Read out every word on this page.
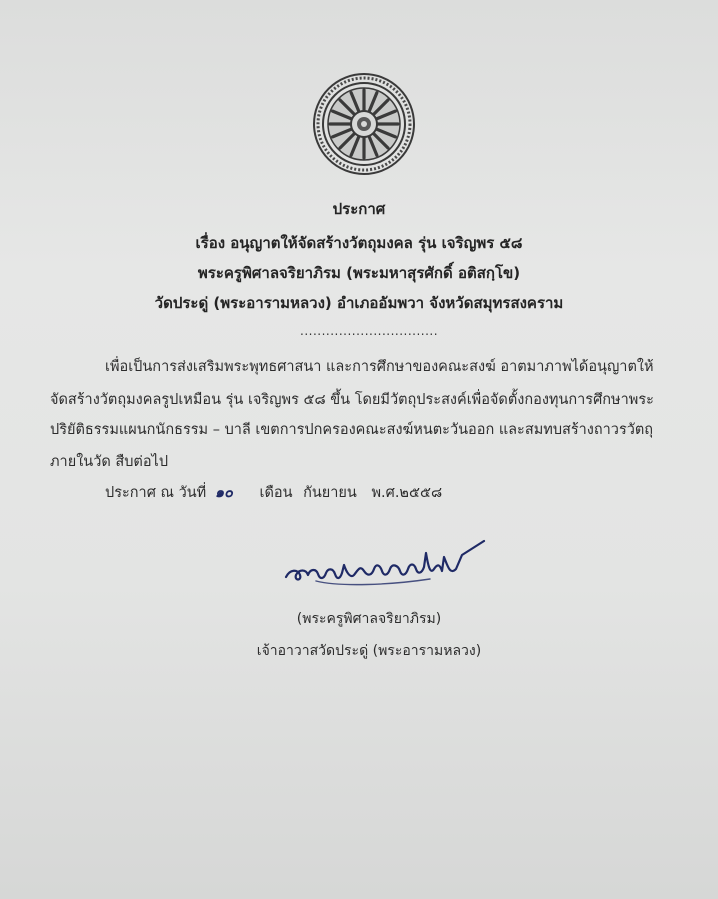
ประกาศ
เรื่อง อนุญาตให้จัดสร้างวัตถุมงคล รุ่น เจริญพร ๕๘
พระครูพิศาลจริยาภิรม (พระมหาสุรศักดิ์ อติสกฺโข)
วัดประดู่ (พระอารามหลวง) อำเภออัมพวา จังหวัดสมุทรสงคราม
................................
เพื่อเป็นการส่งเสริมพระพุทธศาสนา และการศึกษาของคณะสงฆ์ อาตมาภาพได้อนุญาตให้
จัดสร้างวัตถุมงคลรูปเหมือน รุ่น เจริญพร ๕๘ ขึ้น โดยมีวัตถุประสงค์เพื่อจัดตั้งกองทุนการศึกษาพระ
ปริยัติธรรมแผนกนักธรรม – บาลี เขตการปกครองคณะสงฆ์หนตะวันออก และสมทบสร้างถาวรวัตถุ
ภายในวัด สืบต่อไป
ประกาศ ณ วันที่ ๑๐ เดือน กันยายน พ.ศ.๒๕๕๘
(พระครูพิศาลจริยาภิรม)
เจ้าอาวาสวัดประดู่ (พระอารามหลวง)
